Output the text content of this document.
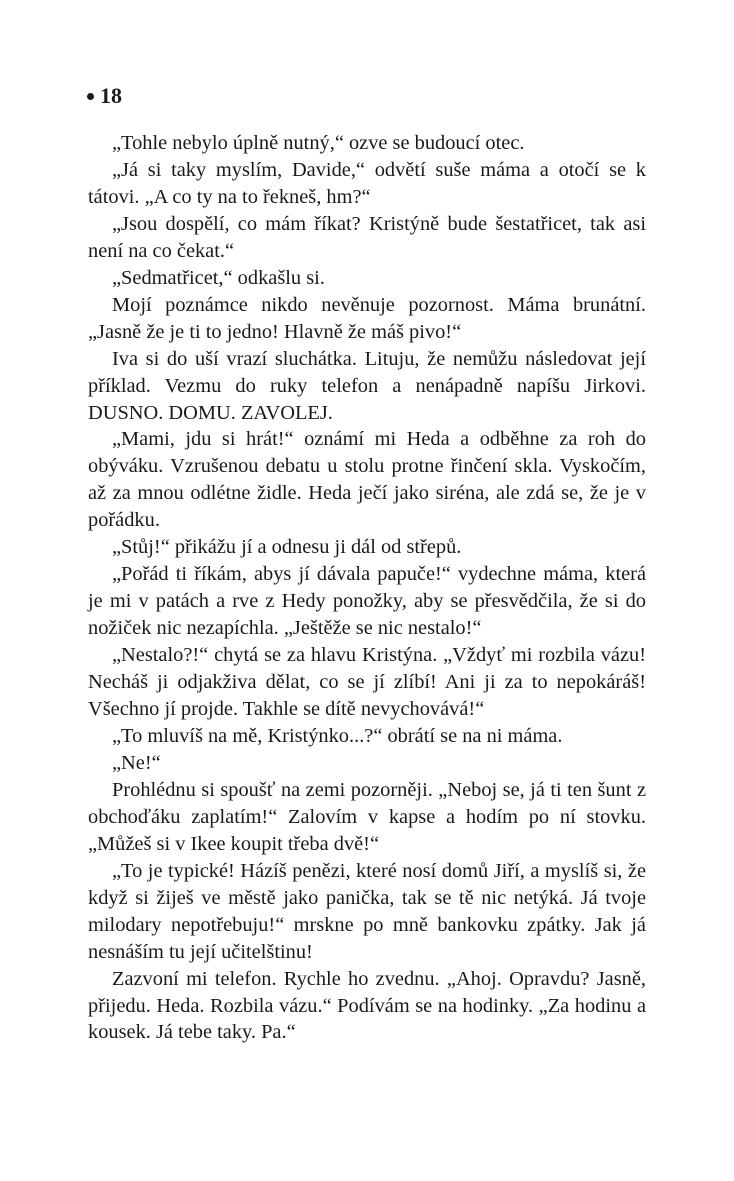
18

„Tohle nebylo úplně nutný,“ ozve se budoucí otec.

„Já si taky myslím, Davide,“ odvětí suše máma a otočí se k tátovi. „A co ty na to řekneš, hm?“

„Jsou dospělí, co mám říkat? Kristýně bude šestatřicet, tak asi není na co čekat.“

„Sedmatřicet,“ odkašlu si.

Mojí poznámce nikdo nevěnuje pozornost. Máma brunátní. „Jasně že je ti to jedno! Hlavně že máš pivo!“

Iva si do uší vrazí sluchátka. Lituju, že nemůžu následovat její příklad. Vezmu do ruky telefon a nenápadně napíšu Jirkovi. DUSNO. DOMU. ZAVOLEJ.

„Mami, jdu si hrát!“ oznámí mi Heda a odběhne za roh do obýváku. Vzrušenou debatu u stolu protne řinčení skla. Vyskočím, až za mnou odlétne židle. Heda ječí jako siréna, ale zdá se, že je v pořádku.

„Stůj!“ přikážu jí a odnesu ji dál od střepů.

„Pořád ti říkám, abys jí dávala papuče!“ vydechne máma, která je mi v patách a rve z Hedy ponožky, aby se přesvědčila, že si do nožiček nic nezapíchla. „Ještěže se nic nestalo!“

„Nestalo?!“ chytá se za hlavu Kristýna. „Vždyť mi rozbila vázu! Necháš ji odjakživa dělat, co se jí zlíbí! Ani ji za to nepokáráš! Všechno jí projde. Takhle se dítě nevychovává!“

„To mluvíš na mě, Kristýnko...?“ obrátí se na ni máma.

„Ne!“

Prohlédnu si spoušť na zemi pozorněji. „Neboj se, já ti ten šunt z obchoďáku zaplatím!“ Zalovím v kapse a hodím po ní stovku. „Můžeš si v Ikee koupit třeba dvě!“

„To je typické! Házíš penězi, které nosí domů Jiří, a myslíš si, že když si žiješ ve městě jako panička, tak se tě nic netýká. Já tvoje milodary nepotřebuju!“ mrskne po mně bankovku zpátky. Jak já nesnáším tu její učitelštinu!

Zazvoní mi telefon. Rychle ho zvednu. „Ahoj. Opravdu? Jasně, přijedu. Heda. Rozbila vázu.“ Podívám se na hodinky. „Za hodinu a kousek. Já tebe taky. Pa.“
